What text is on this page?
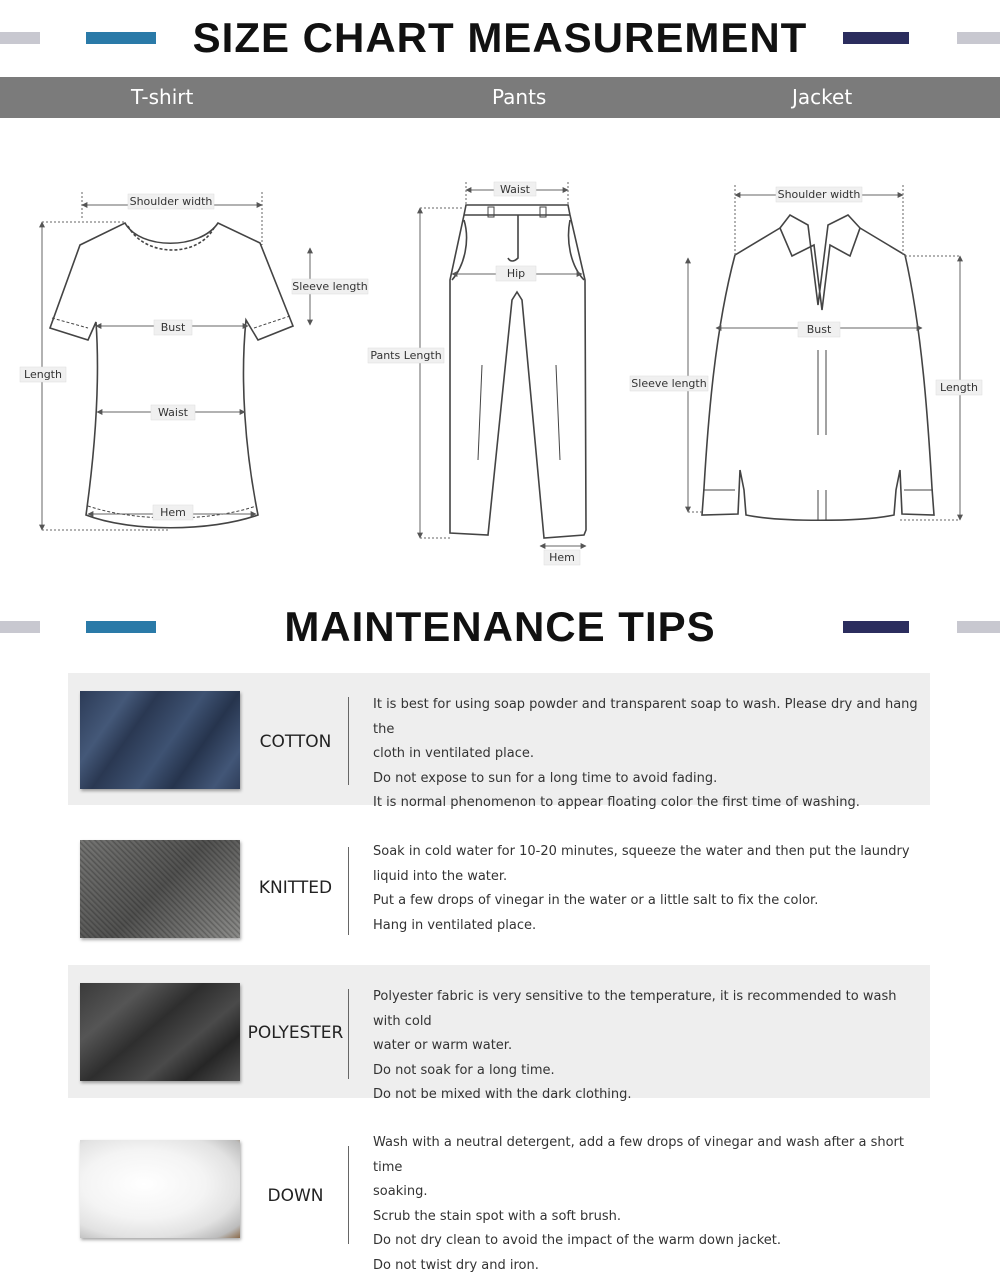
SIZE CHART MEASUREMENT
T-shirt	Pants	Jacket
Shoulder width
Sleeve length
Bust
Length
Waist
Hem
Waist
Hip
Pants Length
Hem
Shoulder width
Bust
Sleeve length	Length
MAINTENANCE TIPS
COTTON
It is best for using soap powder and transparent soap to wash. Please dry and hang the
cloth in ventilated place.
Do not expose to sun for a long time to avoid fading.
It is normal phenomenon to appear floating color the first time of washing.
KNITTED
Soak in cold water for 10-20 minutes, squeeze the water and then put the laundry
liquid into the water.
Put a few drops of vinegar in the water or a little salt to fix the color.
Hang in ventilated place.
POLYESTER
Polyester fabric is very sensitive to the temperature, it is recommended to wash with cold
water or warm water.
Do not soak for a long time.
Do not be mixed with the dark clothing.
DOWN
Wash with a neutral detergent, add a few drops of vinegar and wash after a short time
soaking.
Scrub the stain spot with a soft brush.
Do not dry clean to avoid the impact of the warm down jacket.
Do not twist dry and iron.
